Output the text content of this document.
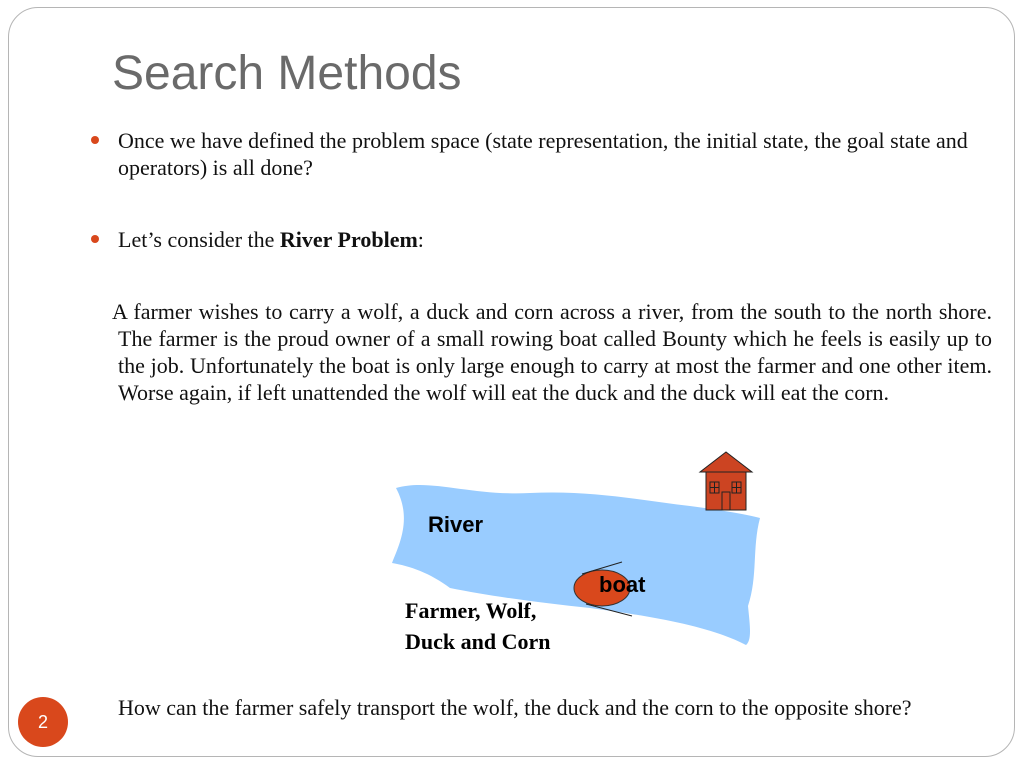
Search Methods
Once we have defined the problem space (state representation, the initial state, the goal state and operators) is all done?
Let’s consider the River Problem:
A farmer wishes to carry a wolf, a duck and corn across a river, from the south to the north shore. The farmer is the proud owner of a small rowing boat called Bounty which he feels is easily up to the job. Unfortunately the boat is only large enough to carry at most the farmer and one other item. Worse again, if left unattended the wolf will eat the duck and the duck will eat the corn.
River
boat
Farmer, Wolf,
Duck and Corn
How can the farmer safely transport the wolf, the duck and the corn to the opposite shore?
2
